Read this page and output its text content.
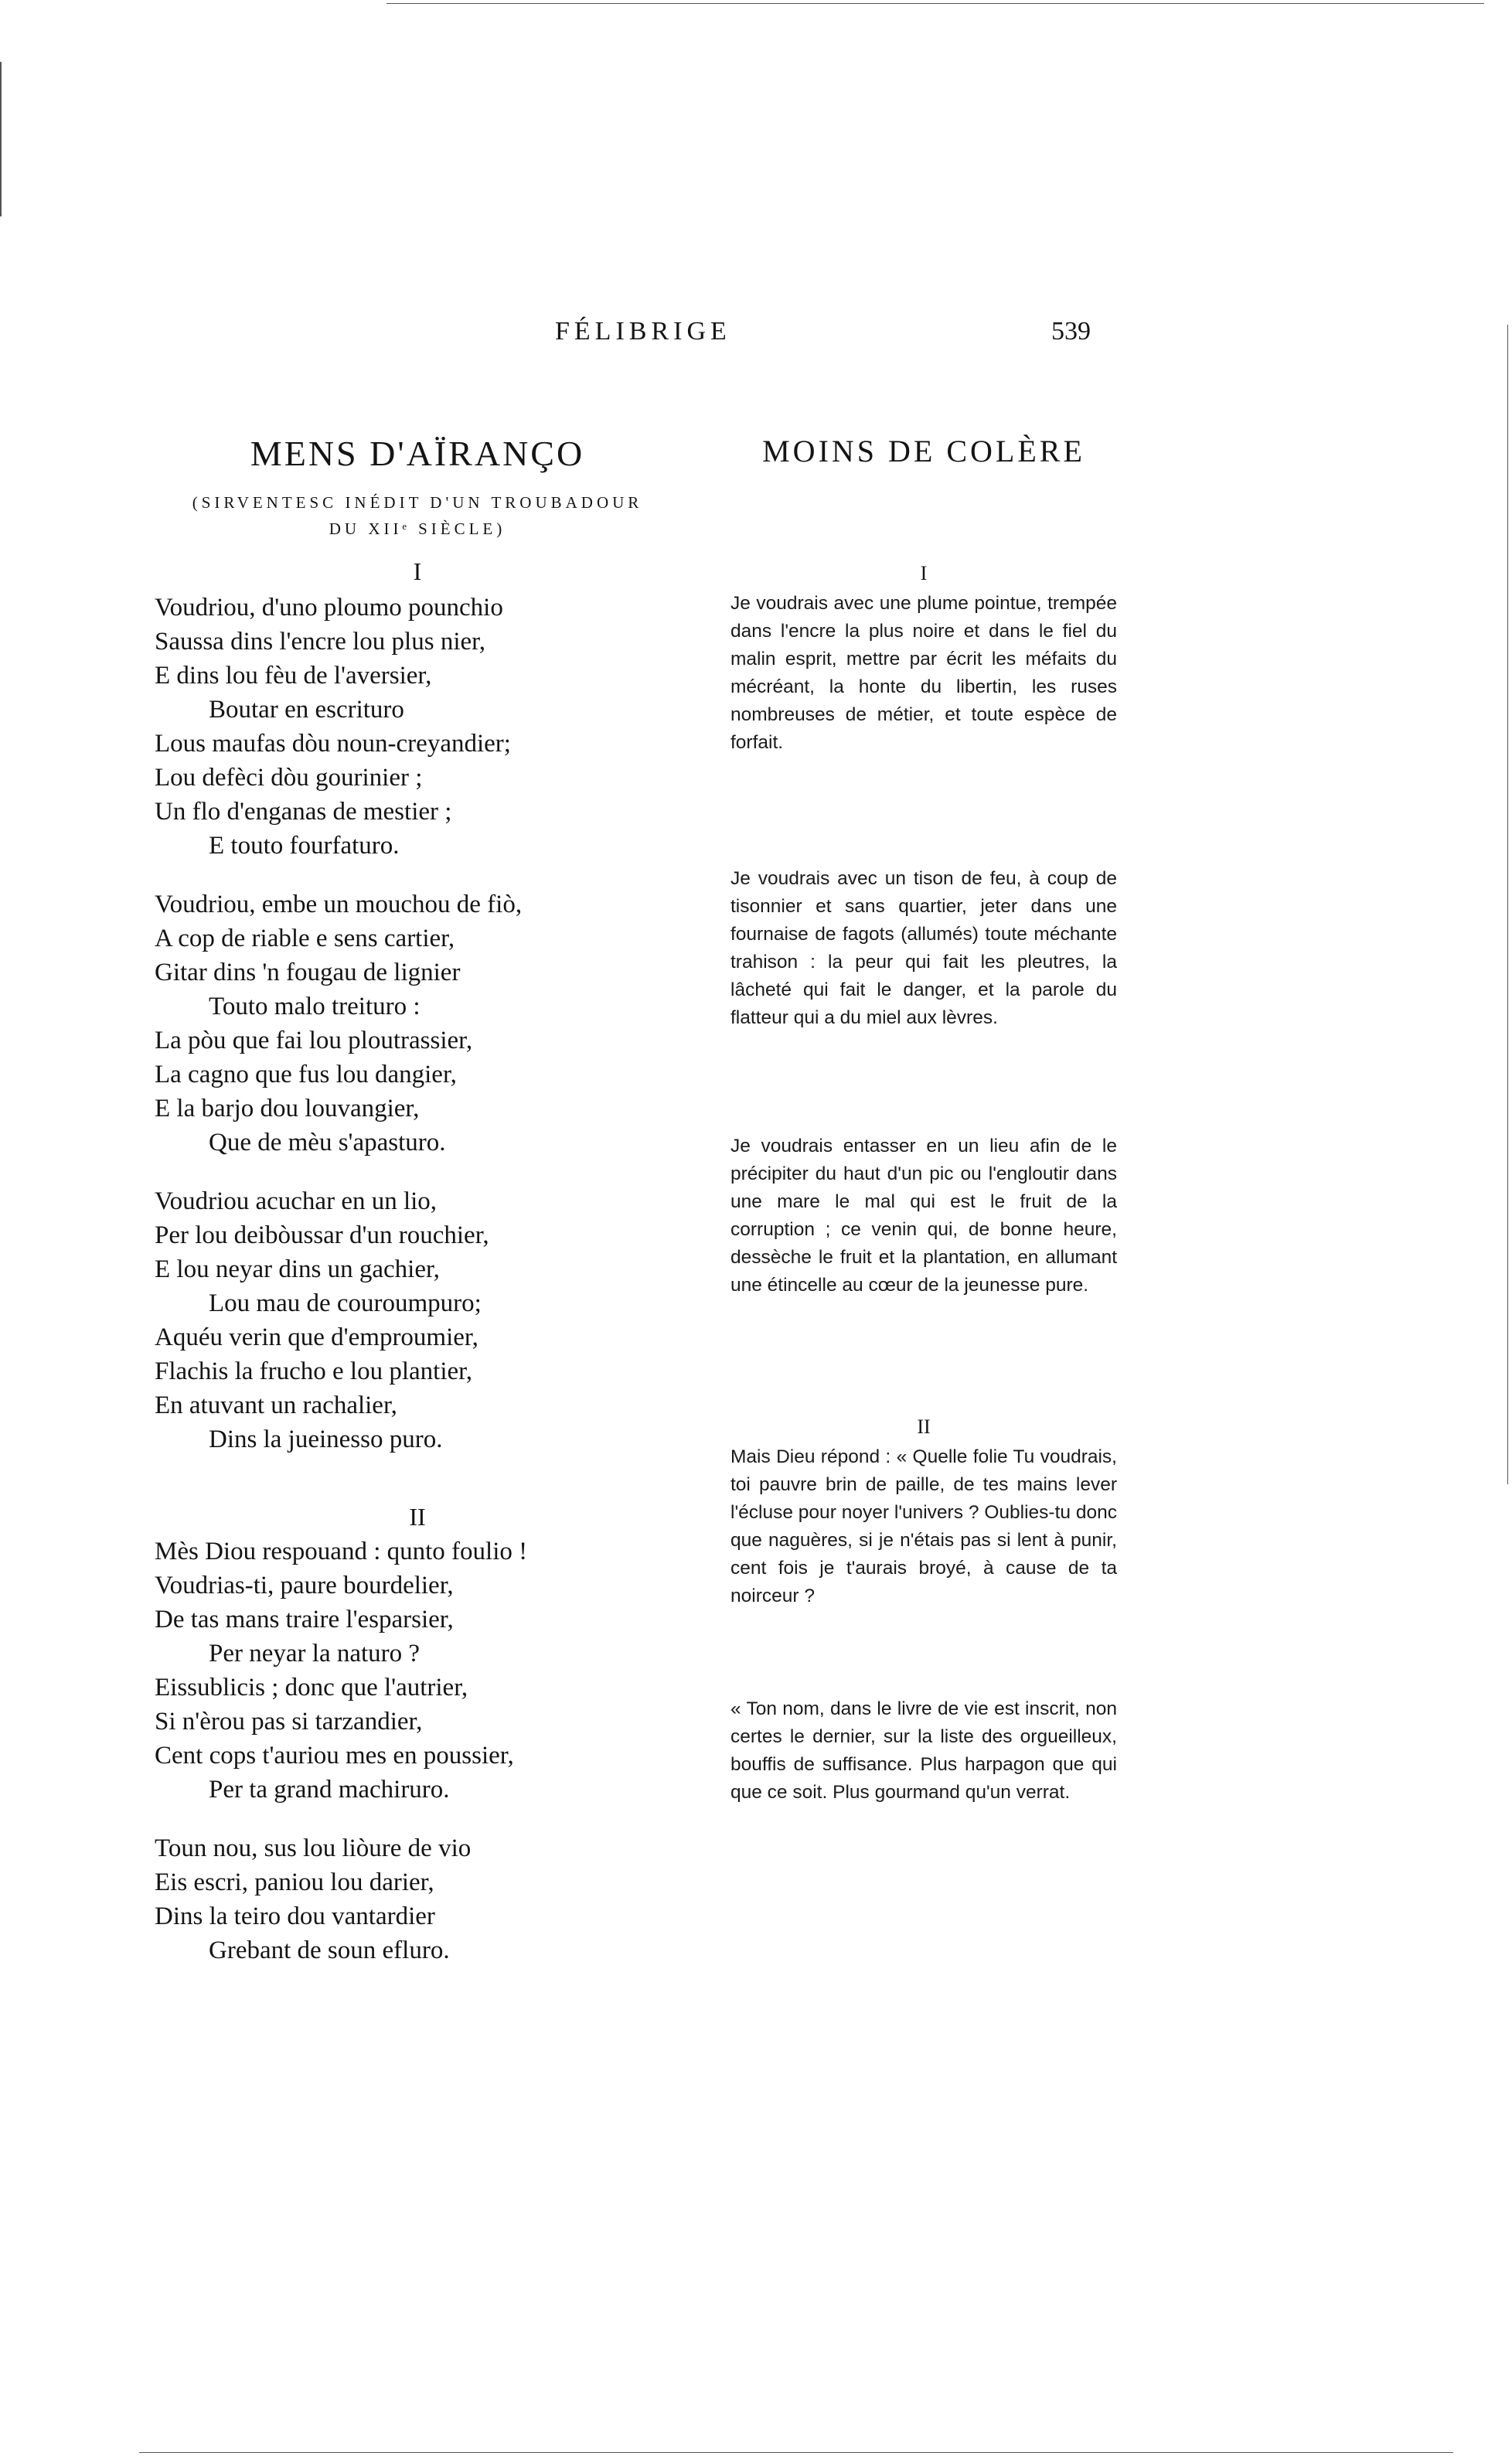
FÉLIBRIGE	539
MENS D'AÏRANÇO
(SIRVENTESC INÉDIT D'UN TROUBADOUR
DU XIIᵉ SIÈCLE)
I
Voudriou, d'uno ploumo pounchio
Saussa dins l'encre lou plus nier,
E dins lou fèu de l'aversier,
Boutar en escrituro
Lous maufas dòu noun-creyandier;
Lou defèci dòu gourinier ;
Un flo d'enganas de mestier ;
E touto fourfaturo.
Voudriou, embe un mouchou de fiò,
A cop de riable e sens cartier,
Gitar dins 'n fougau de lignier
Touto malo treituro :
La pòu que fai lou ploutrassier,
La cagno que fus lou dangier,
E la barjo dou louvangier,
Que de mèu s'apasturo.
Voudriou acuchar en un lio,
Per lou deibòussar d'un rouchier,
E lou neyar dins un gachier,
Lou mau de couroumpuro;
Aquéu verin que d'emproumier,
Flachis la frucho e lou plantier,
En atuvant un rachalier,
Dins la jueinesso puro.
II
Mès Diou respouand : qunto foulio !
Voudrias-ti, paure bourdelier,
De tas mans traire l'esparsier,
Per neyar la naturo ?
Eissublicis ; donc que l'autrier,
Si n'èrou pas si tarzandier,
Cent cops t'auriou mes en poussier,
Per ta grand machiruro.
Toun nou, sus lou liòure de vio
Eis escri, paniou lou darier,
Dins la teiro dou vantardier
Grebant de soun efluro.
MOINS DE COLÈRE
I

Je voudrais avec une plume pointue, trempée dans l'encre la plus noire et dans le fiel du malin esprit, mettre par écrit les méfaits du mécréant, la honte du libertin, les ruses nombreuses de métier, et toute espèce de forfait.

Je voudrais avec un tison de feu, à coup de tisonnier et sans quartier, jeter dans une fournaise de fagots (allumés) toute méchante trahison : la peur qui fait les pleutres, la lâcheté qui fait le danger, et la parole du flatteur qui a du miel aux lèvres.

Je voudrais entasser en un lieu afin de le précipiter du haut d'un pic ou l'engloutir dans une mare le mal qui est le fruit de la corruption ; ce venin qui, de bonne heure, dessèche le fruit et la plantation, en allumant une étincelle au cœur de la jeunesse pure.

II

Mais Dieu répond : « Quelle folie Tu voudrais, toi pauvre brin de paille, de tes mains lever l'écluse pour noyer l'univers ? Oublies-tu donc que naguères, si je n'étais pas si lent à punir, cent fois je t'aurais broyé, à cause de ta noirceur ?

« Ton nom, dans le livre de vie est inscrit, non certes le dernier, sur la liste des orgueilleux, bouffis de suffisance. Plus harpagon que qui que ce soit. Plus gourmand qu'un verrat.
